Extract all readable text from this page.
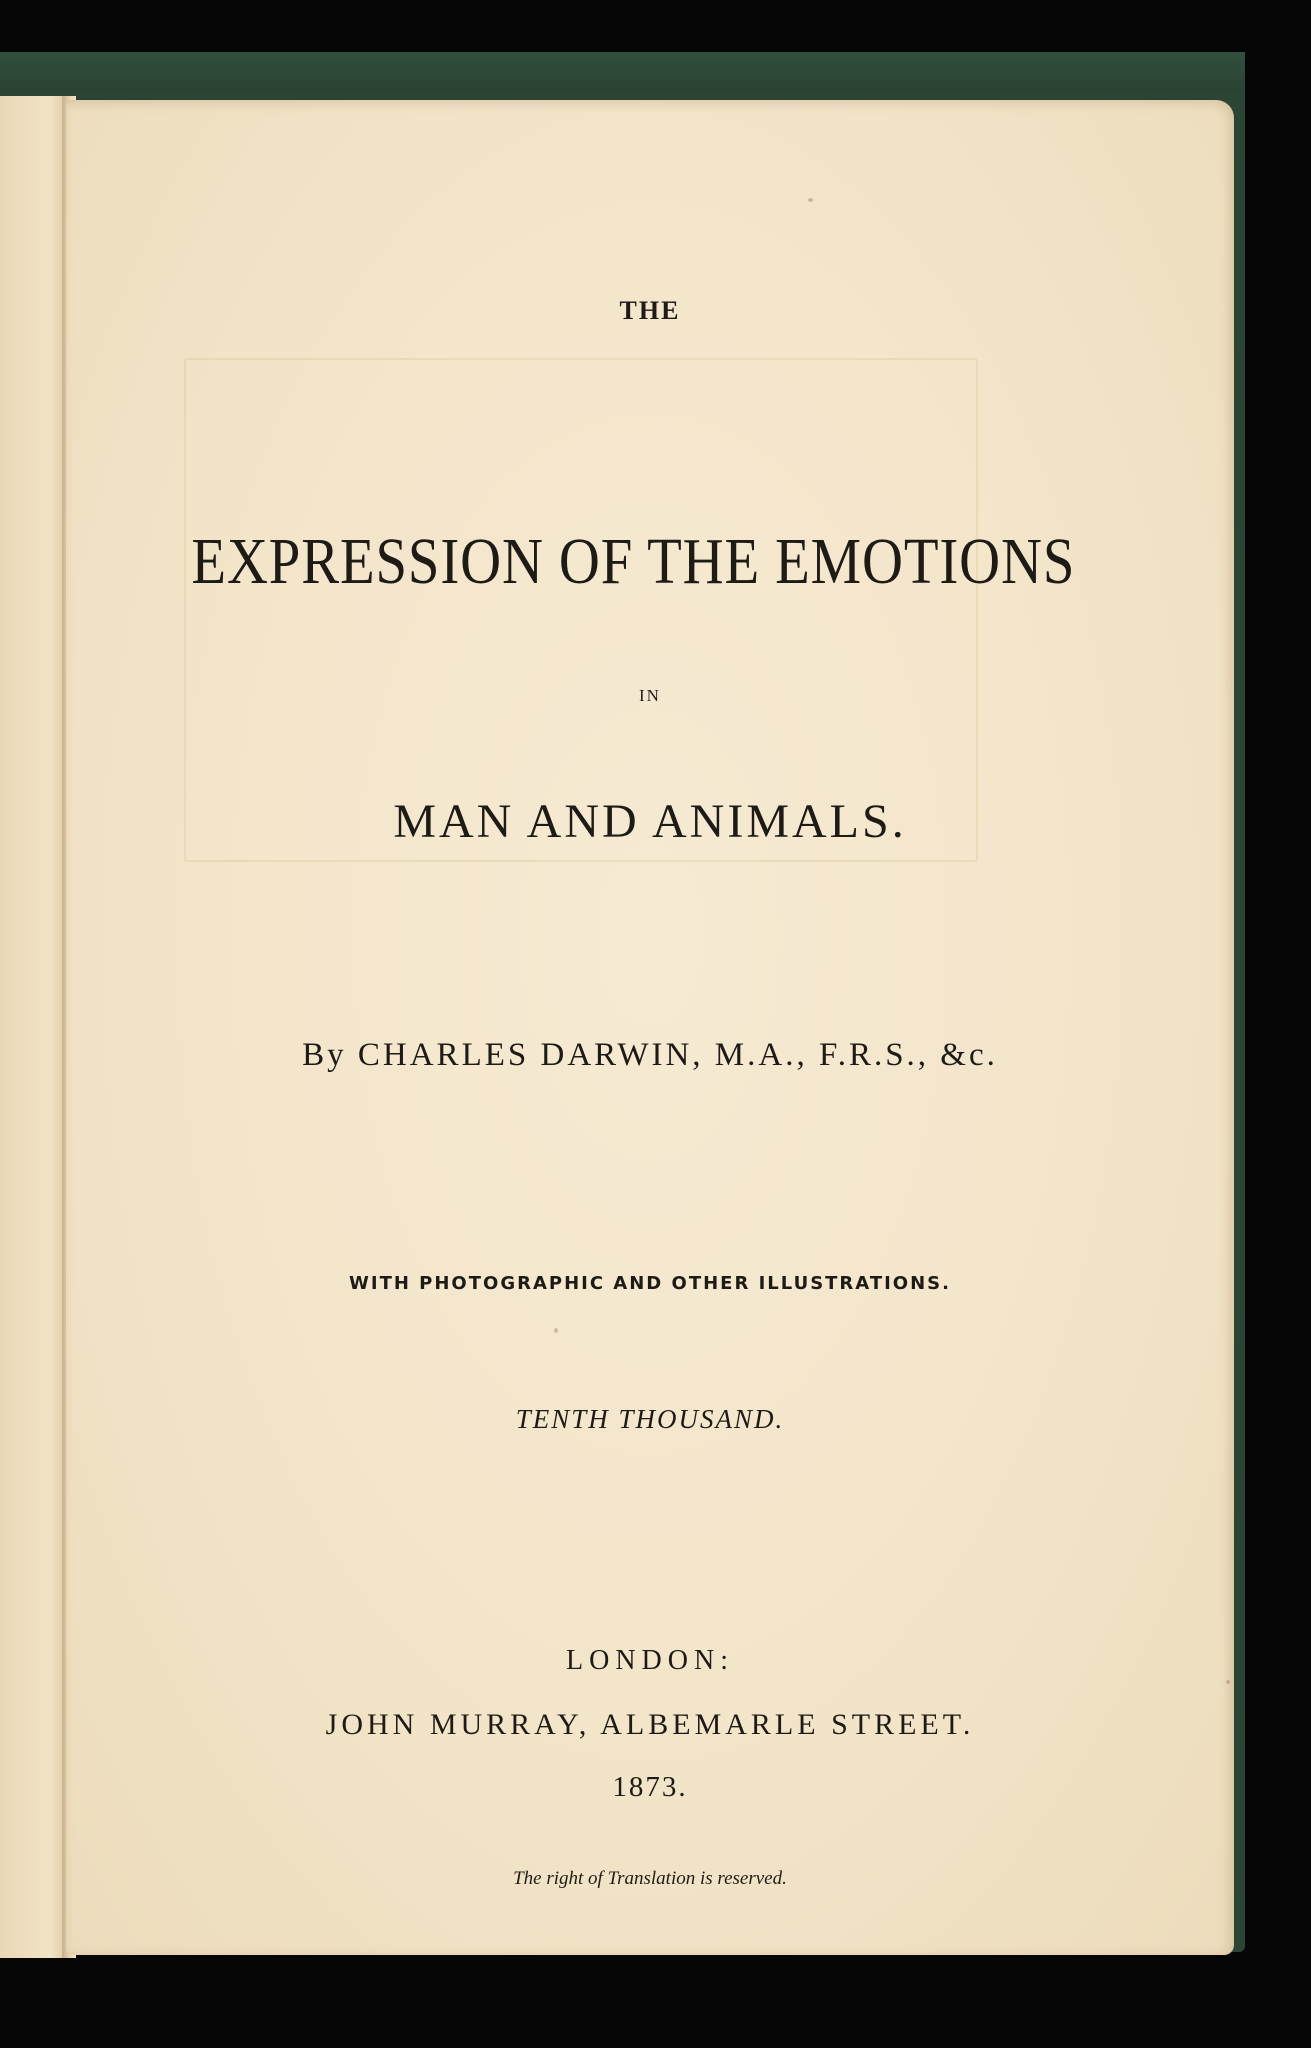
THE

EXPRESSION OF THE EMOTIONS

IN

MAN AND ANIMALS.

By CHARLES DARWIN, M.A., F.R.S., &c.

WITH PHOTOGRAPHIC AND OTHER ILLUSTRATIONS.

TENTH THOUSAND.

LONDON:

JOHN MURRAY, ALBEMARLE STREET.

1873.

The right of Translation is reserved.
